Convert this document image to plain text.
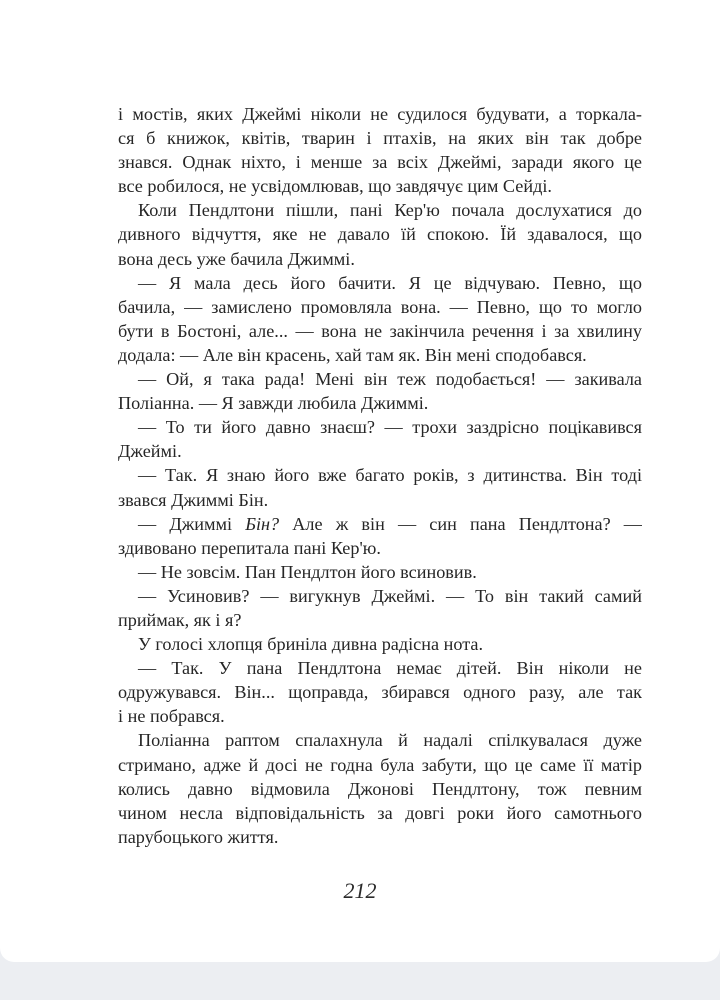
і мостів, яких Джеймі ніколи не судилося будувати, а торкала-
ся б книжок, квітів, тварин і птахів, на яких він так добре
знався. Однак ніхто, і менше за всіх Джеймі, заради якого це
все робилося, не усвідомлював, що завдячує цим Сейді.
Коли Пендлтони пішли, пані Кер'ю почала дослухатися до
дивного відчуття, яке не давало їй спокою. Їй здавалося, що
вона десь уже бачила Джиммі.
— Я мала десь його бачити. Я це відчуваю. Певно, що
бачила, — замислено промовляла вона. — Певно, що то могло
бути в Бостоні, але... — вона не закінчила речення і за хвилину
додала: — Але він красень, хай там як. Він мені сподобався.
— Ой, я така рада! Мені він теж подобається! — закивала
Поліанна. — Я завжди любила Джиммі.
— То ти його давно знаєш? — трохи заздрісно поцікавився
Джеймі.
— Так. Я знаю його вже багато років, з дитинства. Він тоді
звався Джиммі Бін.
— Джиммі Бін? Але ж він — син пана Пендлтона? —
здивовано перепитала пані Кер'ю.
— Не зовсім. Пан Пендлтон його всиновив.
— Усиновив? — вигукнув Джеймі. — То він такий самий
приймак, як і я?
У голосі хлопця бриніла дивна радісна нота.
— Так. У пана Пендлтона немає дітей. Він ніколи не
одружувався. Він... щоправда, збирався одного разу, але так
і не побрався.
Поліанна раптом спалахнула й надалі спілкувалася дуже
стримано, адже й досі не годна була забути, що це саме її матір
колись давно відмовила Джонові Пендлтону, тож певним
чином несла відповідальність за довгі роки його самотнього
парубоцького життя.
212
